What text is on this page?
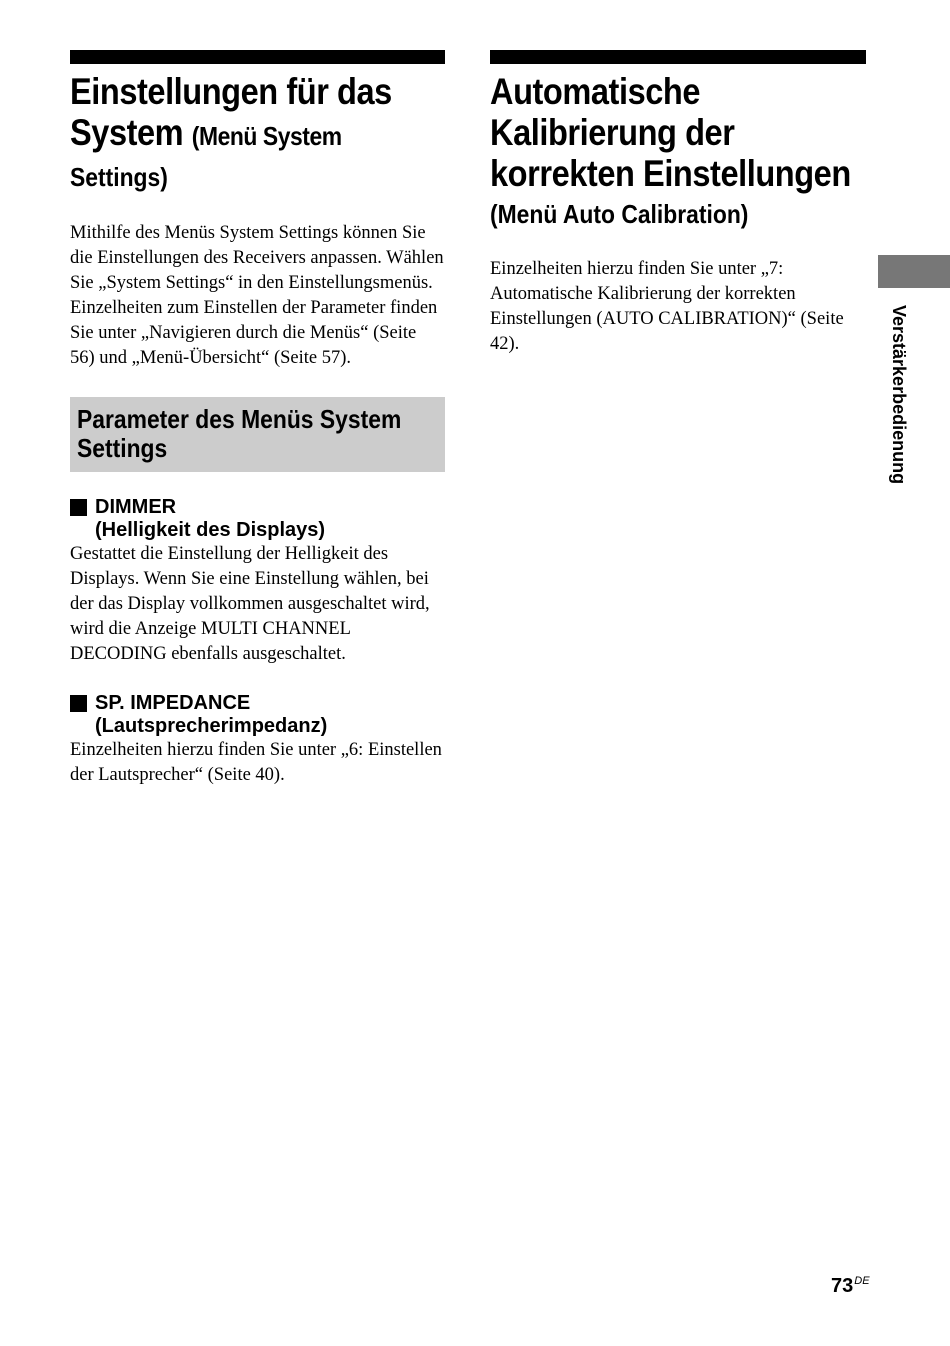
Einstellungen für das
System (Menü System
Settings)
Mithilfe des Menüs System Settings können Sie die Einstellungen des Receivers anpassen. Wählen Sie „System Settings“ in den Einstellungsmenüs. Einzelheiten zum Einstellen der Parameter finden Sie unter „Navigieren durch die Menüs“ (Seite 56) und „Menü-Übersicht“ (Seite 57).
Parameter des Menüs System
Settings
DIMMER
(Helligkeit des Displays)
Gestattet die Einstellung der Helligkeit des Displays. Wenn Sie eine Einstellung wählen, bei der das Display vollkommen ausgeschaltet wird, wird die Anzeige MULTI CHANNEL DECODING ebenfalls ausgeschaltet.
SP. IMPEDANCE
(Lautsprecherimpedanz)
Einzelheiten hierzu finden Sie unter „6: Einstellen der Lautsprecher“ (Seite 40).
Automatische
Kalibrierung der
korrekten Einstellungen
(Menü Auto Calibration)
Einzelheiten hierzu finden Sie unter „7: Automatische Kalibrierung der korrekten Einstellungen (AUTO CALIBRATION)“ (Seite 42).	Verstärkerbedienung
73DE
